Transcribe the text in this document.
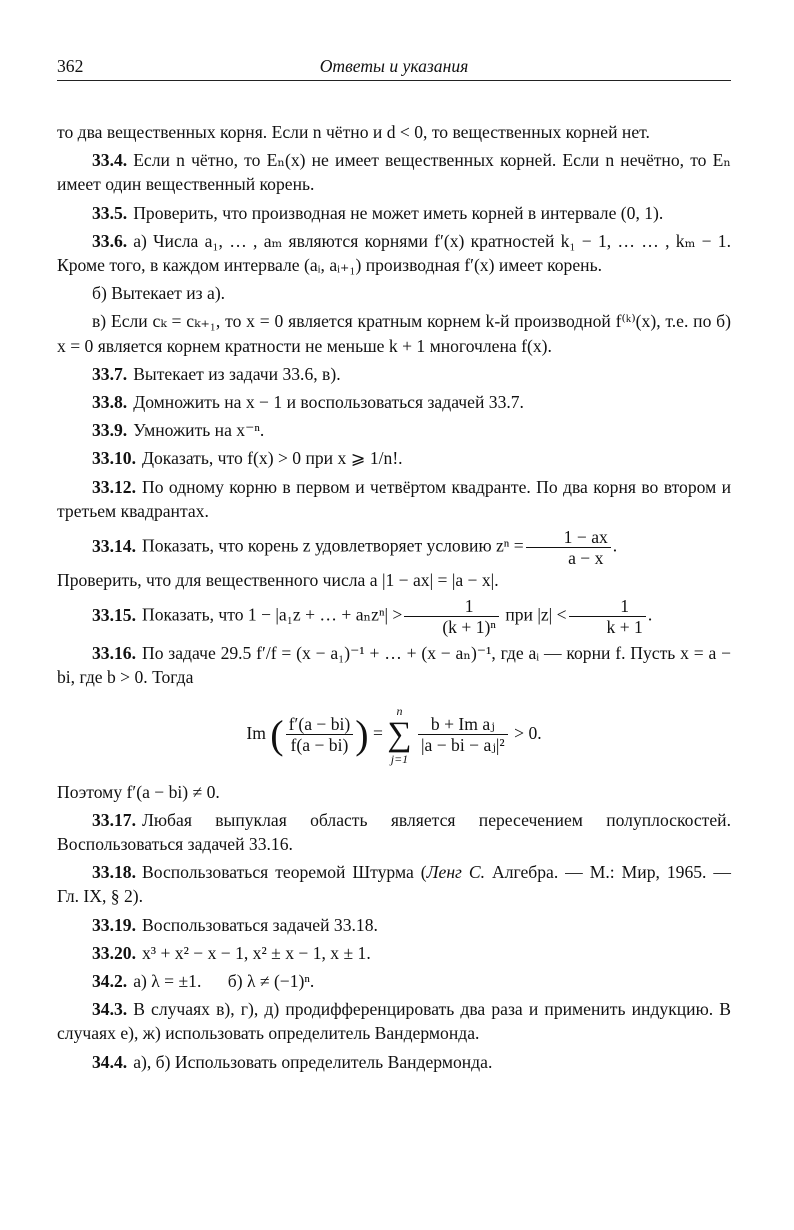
362	Ответы и указания

то два вещественных корня. Если n чётно и d < 0, то вещественных корней нет.

33.4. Если n чётно, то Eₙ(x) не имеет вещественных корней. Если n нечётно, то Eₙ имеет один вещественный корень.

33.5. Проверить, что производная не может иметь корней в интервале (0, 1).

33.6. а) Числа a₁, … , aₘ являются корнями f′(x) кратностей k₁ − 1, … … , kₘ − 1. Кроме того, в каждом интервале (aᵢ, aᵢ₊₁) производная f′(x) имеет корень.

б) Вытекает из а).

в) Если cₖ = cₖ₊₁, то x = 0 является кратным корнем k-й производной f⁽ᵏ⁾(x), т.е. по б) x = 0 является корнем кратности не меньше k + 1 многочлена f(x).

33.7. Вытекает из задачи 33.6, в).

33.8. Домножить на x − 1 и воспользоваться задачей 33.7.

33.9. Умножить на x⁻ⁿ.

33.10. Доказать, что f(x) > 0 при x ⩾ 1/n!.

33.12. По одному корню в первом и четвёртом квадранте. По два корня во втором и третьем квадрантах.

33.14. Показать, что корень z удовлетворяет условию $z^n = \frac{1 - ax}{a - x}$ .
Проверить, что для вещественного числа a |1 − ax| = |a − x|.

33.15. Показать, что 1 − |a₁z + … + $a_nz^n| > \frac{1}{\text{(k + 1)ⁿ}}$ при $|z| < \frac{1}{k + 1}$ .

33.16. По задаче 29.5 f′/f = (x − a₁)⁻¹ + … + (x − aₙ)⁻¹, где aᵢ — корни f. Пусть x = a − bi, где b > 0. Тогда

Im ( $\frac{f'(a - bi)}{f(a - bi)}$ ) =
n
∑
j=1

$\frac{\text{b + Im aⱼ}}{\text{|a − bi − aⱼ|²}} > 0$.

Поэтому f′(a − bi) ≠ 0.

33.17. Любая выпуклая область является пересечением полуплоскостей. Воспользоваться задачей 33.16.

33.18. Воспользоваться теоремой Штурма (Ленг С. Алгебра. — М.: Мир, 1965. — Гл. IX, § 2).

33.19. Воспользоваться задачей 33.18.

33.20. x³ + x² − x − 1, x² ± x − 1, x ± 1.

34.2. а) λ = ±1.      б) λ ≠ (−1)ⁿ.

34.3. В случаях в), г), д) продифференцировать два раза и применить индукцию. В случаях е), ж) использовать определитель Вандермонда.

34.4. а), б) Использовать определитель Вандермонда.
